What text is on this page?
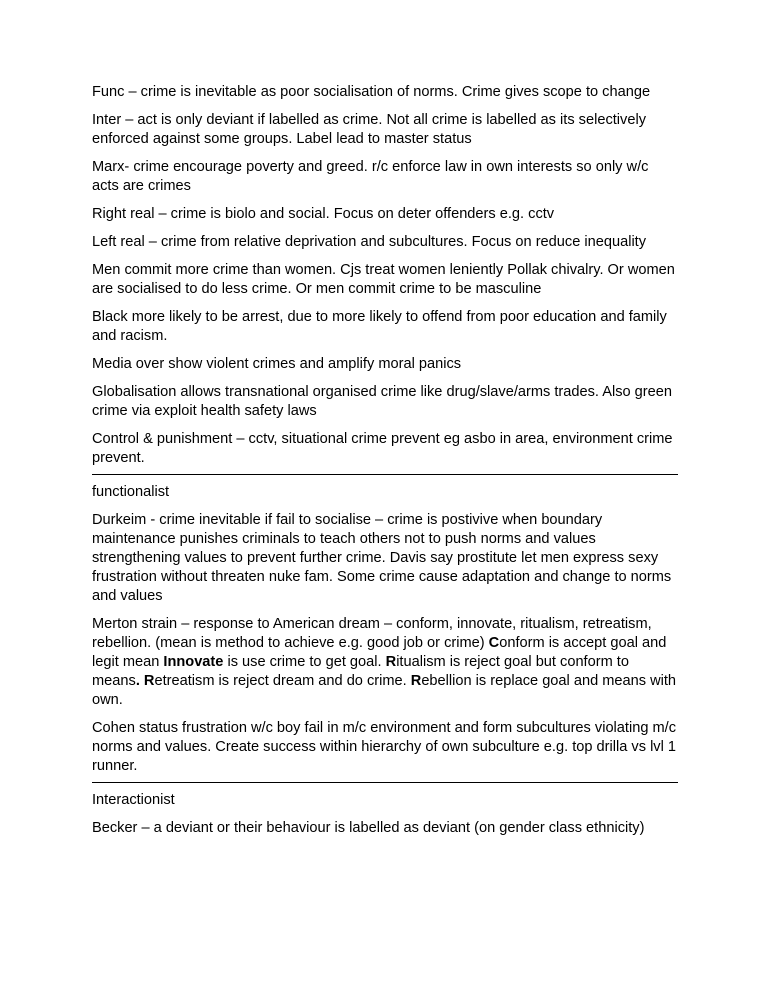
Func – crime is inevitable as poor socialisation of norms. Crime gives scope to change

Inter – act is only deviant if labelled as crime. Not all crime is labelled as its selectively enforced against some groups. Label lead to master status

Marx- crime encourage poverty and greed. r/c enforce law in own interests so only w/c acts are crimes

Right real – crime is biolo and social. Focus on deter offenders e.g. cctv

Left real – crime from relative deprivation and subcultures. Focus on reduce inequality

Men commit more crime than women. Cjs treat women leniently Pollak chivalry. Or women are socialised to do less crime. Or men commit crime to be masculine

Black more likely to be arrest, due to more likely to offend from poor education and family and racism.

Media over show violent crimes and amplify moral panics

Globalisation allows transnational organised crime like drug/slave/arms trades. Also green crime via exploit health safety laws

Control & punishment – cctv, situational crime prevent eg asbo in area, environment crime prevent.

functionalist

Durkeim - crime inevitable if fail to socialise – crime is postivive when boundary maintenance punishes criminals to teach others not to push norms and values strengthening values to prevent further crime. Davis say prostitute let men express sexy frustration without threaten nuke fam. Some crime cause adaptation and change to norms and values

Merton strain – response to American dream – conform, innovate, ritualism, retreatism, rebellion. (mean is method to achieve e.g. good job or crime) Conform is accept goal and legit mean Innovate is use crime to get goal. Ritualism is reject goal but conform to means. Retreatism is reject dream and do crime. Rebellion is replace goal and means with own.

Cohen status frustration w/c boy fail in m/c environment and form subcultures violating m/c norms and values. Create success within hierarchy of own subculture e.g. top drilla vs lvl 1 runner.

Interactionist

Becker – a deviant or their behaviour is labelled as deviant (on gender class ethnicity)
